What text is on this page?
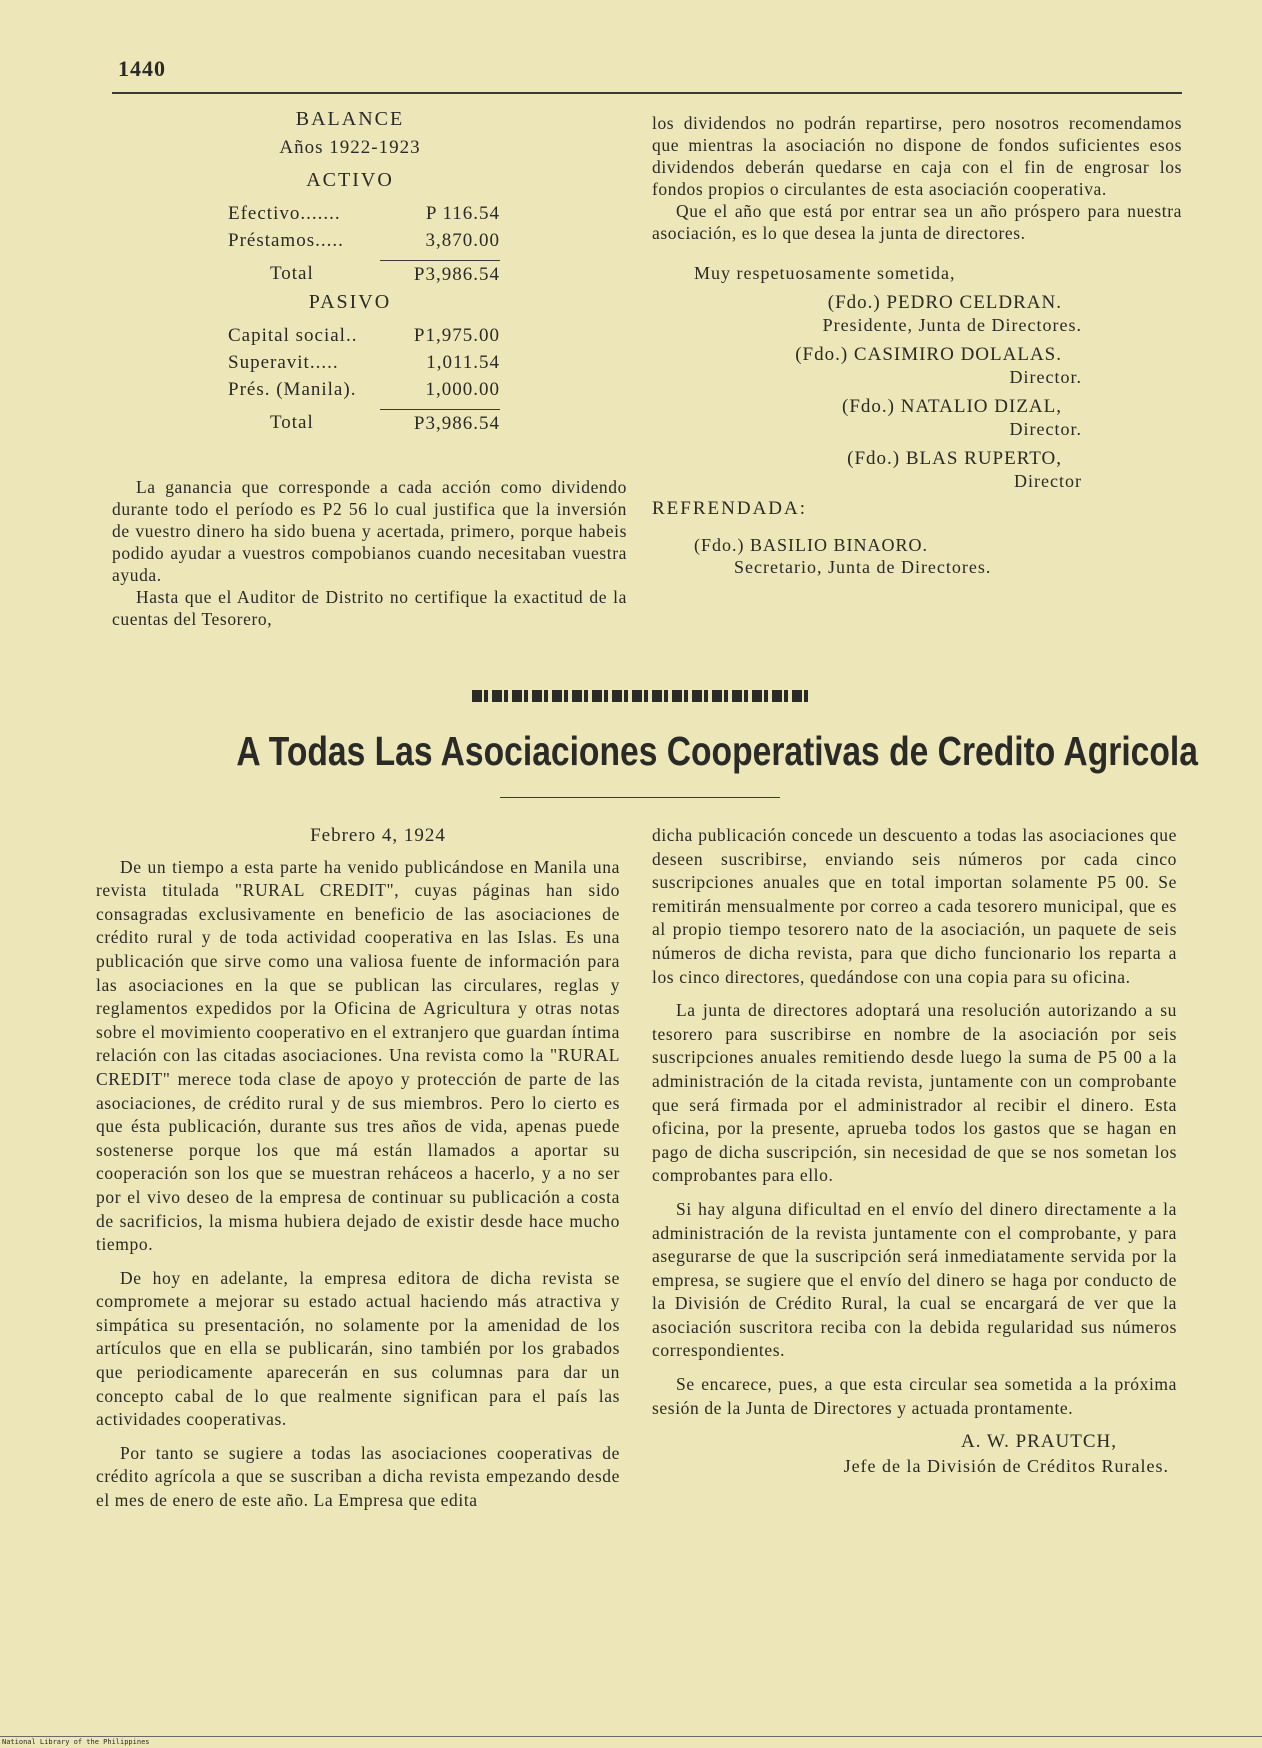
1440
BALANCE
Años 1922-1923
ACTIVO
Efectivo.......	P 116.54
Préstamos.....	3,870.00
Total	P3,986.54
PASIVO
Capital social..	P1,975.00
Superavit.....	1,011.54
Prés. (Manila).	1,000.00
Total	P3,986.54

La ganancia que corresponde a cada acción como dividendo durante todo el período es P2 56 lo cual justifica que la inversión de vuestro dinero ha sido buena y acertada, primero, porque habeis podido ayudar a vuestros compobianos cuando necesitaban vuestra ayuda.

Hasta que el Auditor de Distrito no certifique la exactitud de la cuentas del Tesorero,

los dividendos no podrán repartirse, pero nosotros recomendamos que mientras la asociación no dispone de fondos suficientes esos dividendos deberán quedarse en caja con el fin de engrosar los fondos propios o circulantes de esta asociación cooperativa.

Que el año que está por entrar sea un año próspero para nuestra asociación, es lo que desea la junta de directores.

Muy respetuosamente sometida,
(Fdo.) PEDRO CELDRAN.
Presidente, Junta de Directores.
(Fdo.) CASIMIRO DOLALAS.
Director.
(Fdo.) NATALIO DIZAL,
Director.
(Fdo.) BLAS RUPERTO,
Director
REFRENDADA:
(Fdo.) BASILIO BINAORO.
Secretario, Junta de Directores.
A Todas Las Asociaciones Cooperativas de Credito Agricola
Febrero 4, 1924

De un tiempo a esta parte ha venido publicándose en Manila una revista titulada "RURAL CREDIT", cuyas páginas han sido consagradas exclusivamente en beneficio de las asociaciones de crédito rural y de toda actividad cooperativa en las Islas. Es una publicación que sirve como una valiosa fuente de información para las asociaciones en la que se publican las circulares, reglas y reglamentos expedidos por la Oficina de Agricultura y otras notas sobre el movimiento cooperativo en el extranjero que guardan íntima relación con las citadas asociaciones. Una revista como la "RURAL CREDIT" merece toda clase de apoyo y protección de parte de las asociaciones, de crédito rural y de sus miembros. Pero lo cierto es que ésta publicación, durante sus tres años de vida, apenas puede sostenerse porque los que má están llamados a aportar su cooperación son los que se muestran reháceos a hacerlo, y a no ser por el vivo deseo de la empresa de continuar su publicación a costa de sacrificios, la misma hubiera dejado de existir desde hace mucho tiempo.

De hoy en adelante, la empresa editora de dicha revista se compromete a mejorar su estado actual haciendo más atractiva y simpática su presentación, no solamente por la amenidad de los artículos que en ella se publicarán, sino también por los grabados que periodicamente aparecerán en sus columnas para dar un concepto cabal de lo que realmente significan para el país las actividades cooperativas.

Por tanto se sugiere a todas las asociaciones cooperativas de crédito agrícola a que se suscriban a dicha revista empezando desde el mes de enero de este año. La Empresa que edita

dicha publicación concede un descuento a todas las asociaciones que deseen suscribirse, enviando seis números por cada cinco suscripciones anuales que en total importan solamente P5 00. Se remitirán mensualmente por correo a cada tesorero municipal, que es al propio tiempo tesorero nato de la asociación, un paquete de seis números de dicha revista, para que dicho funcionario los reparta a los cinco directores, quedándose con una copia para su oficina.

La junta de directores adoptará una resolución autorizando a su tesorero para suscribirse en nombre de la asociación por seis suscripciones anuales remitiendo desde luego la suma de P5 00 a la administración de la citada revista, juntamente con un comprobante que será firmada por el administrador al recibir el dinero. Esta oficina, por la presente, aprueba todos los gastos que se hagan en pago de dicha suscripción, sin necesidad de que se nos sometan los comprobantes para ello.

Si hay alguna dificultad en el envío del dinero directamente a la administración de la revista juntamente con el comprobante, y para asegurarse de que la suscripción será inmediatamente servida por la empresa, se sugiere que el envío del dinero se haga por conducto de la División de Crédito Rural, la cual se encargará de ver que la asociación suscritora reciba con la debida regularidad sus números correspondientes.

Se encarece, pues, a que esta circular sea sometida a la próxima sesión de la Junta de Directores y actuada prontamente.

A. W. PRAUTCH,
Jefe de la División de Créditos Rurales.
National Library of the Philippines
